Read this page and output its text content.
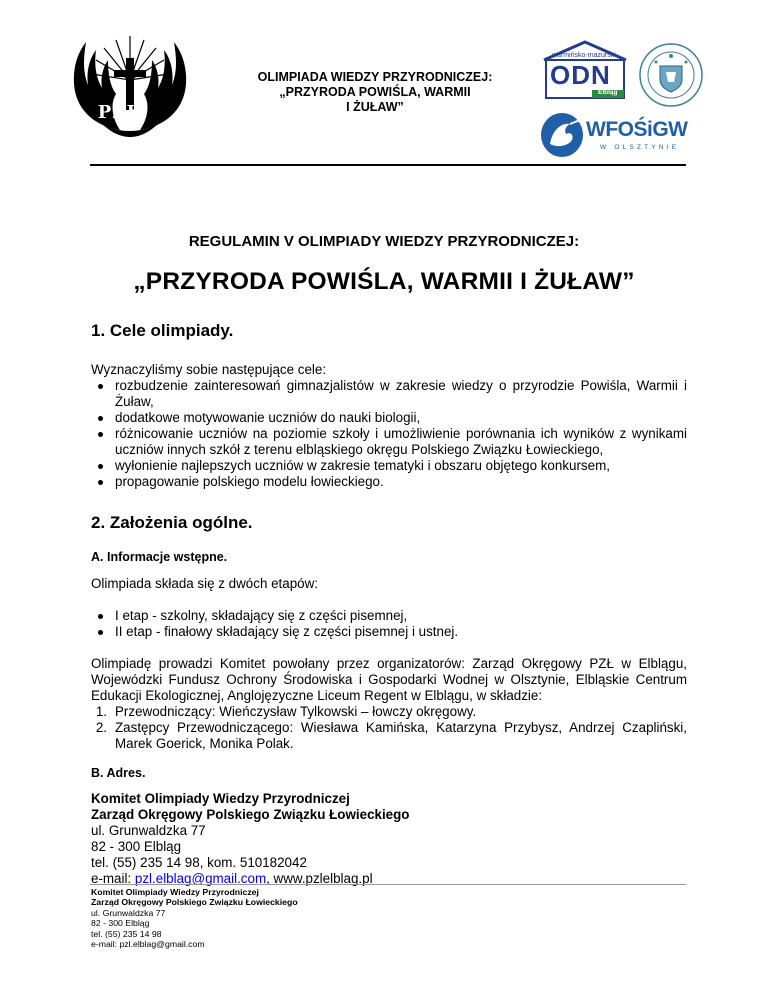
PZŁ
OLIMPIADA WIEDZY PRZYRODNICZEJ:
„PRZYRODA POWIŚLA, WARMII
I ŻUŁAW”
warmińsko-mazurski
ODN
Elbląg
WFOŚiGW
W OLSZTYNIE
REGULAMIN V OLIMPIADY WIEDZY PRZYRODNICZEJ:
„PRZYRODA POWIŚLA, WARMII I ŻUŁAW”
1. Cele olimpiady.
Wyznaczyliśmy sobie następujące cele:
rozbudzenie zainteresowań gimnazjalistów w zakresie wiedzy o przyrodzie Powiśla, Warmii i Żuław,
dodatkowe motywowanie uczniów do nauki biologii,
różnicowanie uczniów na poziomie szkoły i umożliwienie porównania ich wyników z wynikami uczniów innych szkół z terenu elbląskiego okręgu Polskiego Związku Łowieckiego,
wyłonienie najlepszych uczniów w zakresie tematyki i obszaru objętego konkursem,
propagowanie polskiego modelu łowieckiego.
2. Założenia ogólne.
A. Informacje wstępne.
Olimpiada składa się z dwóch etapów:
I etap - szkolny, składający się z części pisemnej,
II etap - finałowy składający się z części pisemnej i ustnej.
Olimpiadę prowadzi Komitet powołany przez organizatorów: Zarząd Okręgowy PZŁ w Elblągu, Wojewódzki Fundusz Ochrony Środowiska i Gospodarki Wodnej w Olsztynie, Elbląskie Centrum Edukacji Ekologicznej, Anglojęzyczne Liceum Regent w Elblągu, w składzie:
1. Przewodniczący: Wieńczysław Tylkowski – łowczy okręgowy.
2. Zastępcy Przewodniczącego: Wiesława Kamińska, Katarzyna Przybysz, Andrzej Czapliński, Marek Goerick, Monika Polak.
B. Adres.
Komitet Olimpiady Wiedzy Przyrodniczej
Zarząd Okręgowy Polskiego Związku Łowieckiego
ul. Grunwaldzka 77
82 - 300 Elbląg
tel. (55) 235 14 98, kom. 510182042
e-mail: pzl.elblag@gmail.com, www.pzlelblag.pl
Komitet Olimpiady Wiedzy Przyrodniczej
Zarząd Okręgowy Polskiego Związku Łowieckiego
ul. Grunwaldzka 77
82 - 300 Elbląg
tel. (55) 235 14 98
e-mail: pzl.elblag@gmail.com
